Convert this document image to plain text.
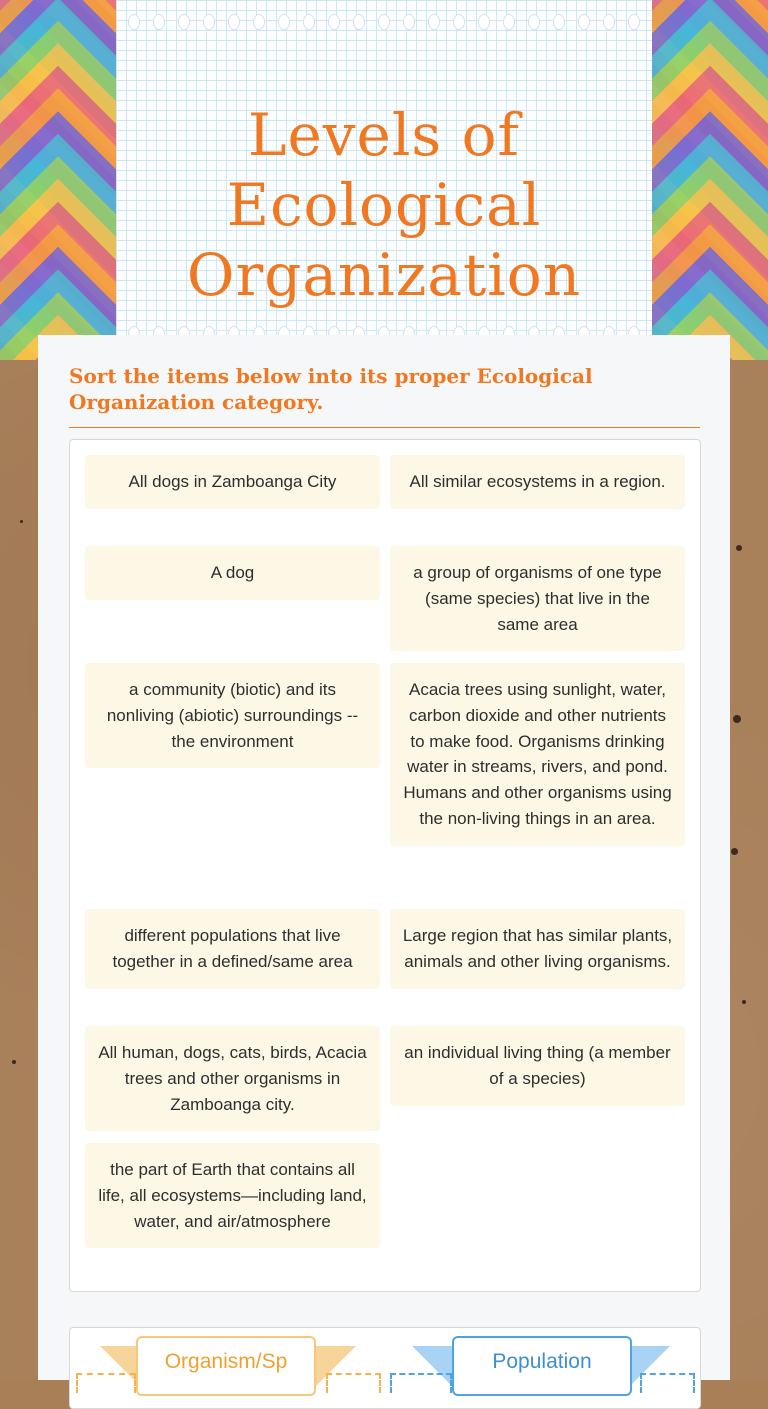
Levels of Ecological Organization
Sort the items below into its proper Ecological Organization category.
All dogs in Zamboanga City	All similar ecosystems in a region.
A dog	a group of organisms of one type (same species) that live in the same area
a community (biotic) and its nonliving (abiotic) surroundings -- the environment
Acacia trees using sunlight, water, carbon dioxide and other nutrients to make food. Organisms drinking water in streams, rivers, and pond. Humans and other organisms using the non-living things in an area.
different populations that live together in a defined/same area
Large region that has similar plants, animals and other living organisms.
All human, dogs, cats, birds, Acacia trees and other organisms in Zamboanga city.
an individual living thing (a member of a species)
the part of Earth that contains all life, all ecosystems—including land, water, and air/atmosphere
Organism/Sp	Population
